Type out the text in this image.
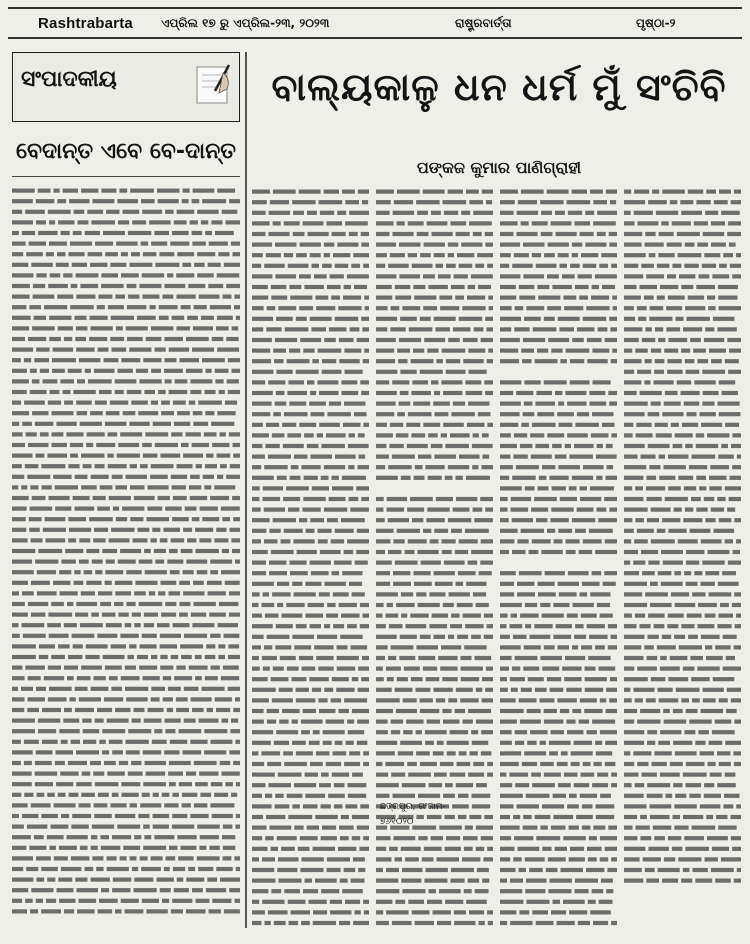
Rashtrabarta ଏପ୍ରିଲ ୧୭ ରୁ ଏପ୍ରିଲ-୨୩, ୨୦୨୩	ରାଷ୍ଟ୍ରବାର୍ତ୍ତା	ପୃଷ୍ଠା-୨
ସଂପାଦକୀୟ
ବେଦାନ୍ତ ଏବେ ବେ-ଦାନ୍ତ
ବାଲ୍ୟକାଳୁ ଧନ ଧର୍ମ ମୁଁ ସଂଚିବି
ପଙ୍କଜ କୁମାର ପାଣିଗ୍ରାହୀ
ଛତ୍ରପୁର, ଗଂଜାମ-
୭୬୧୦୨୦
